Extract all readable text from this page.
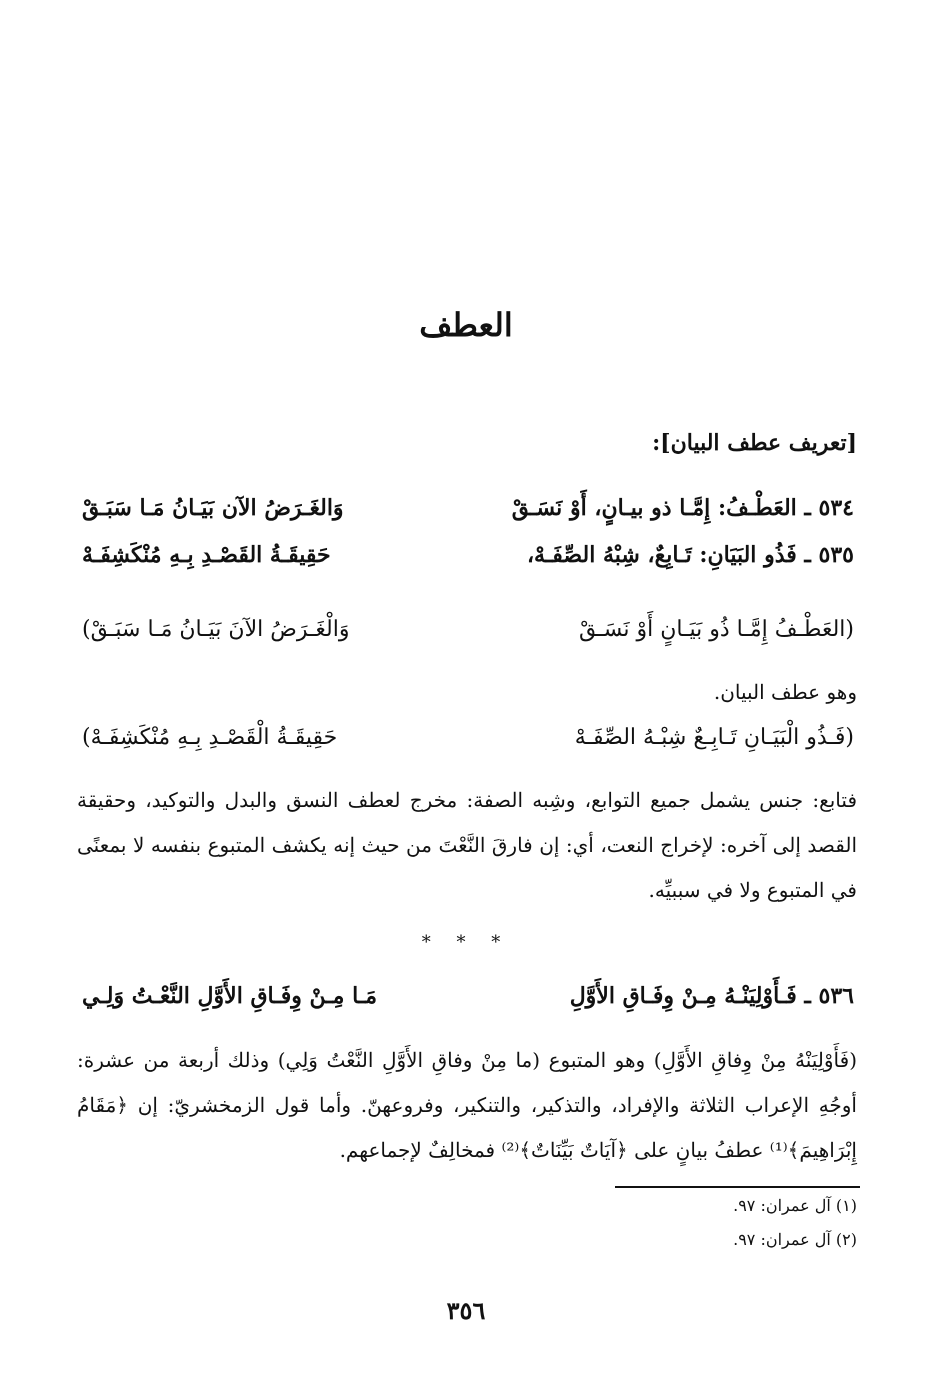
العطف
[تعريف عطف البيان]:
٥٣٤ ـ العَطْـفُ: إِمَّـا ذو بيـانٍ، أَوْ نَسَـقْ
وَالغَـرَضُ الآن بَيَـانُ مَـا سَبَـقْ
٥٣٥ ـ فَذُو البَيَانِ: تَـابِعٌ، شِبْهُ الصِّفَـهْ،
حَقِيقَـةُ القَصْـدِ بِـهِ مُنْكَشِفَـهْ
(العَطْـفُ إِمَّـا ذُو بَيَـانٍ أَوْ نَسَـقْ
وَالْغَـرَضُ الآنَ بَيَـانُ مَـا سَبَـقْ)
وهو عطف البيان.
(فَـذُو الْبَيَـانِ تَـابِـعٌ شِبْـهُ الصِّفَـهْ
حَقِيقَـةُ الْقَصْـدِ بِـهِ مُنْكَشِفَـهْ)
فتابع: جنس يشمل جميع التوابع، وشِبه الصفة: مخرج لعطف النسق والبدل والتوكيد، وحقيقة القصد إلى آخره: لإخراج النعت، أي: إن فارقَ النَّعْتَ من حيث إنه يكشف المتبوع بنفسه لا بمعنًى في المتبوع ولا في سببيِّه.
* * *
٥٣٦ ـ فَـأَوْلِيَنْـهُ مِـنْ وِفَـاقِ الأَوَّلِ
مَـا مِـنْ وِفَـاقِ الأَوَّلِ النَّعْـتُ وَلِـي
(فَأَوْلِيَنْهُ مِنْ وِفاقِ الأَوَّلِ) وهو المتبوع (ما مِنْ وفاقِ الأَوَّلِ النَّعْتُ وَلِي) وذلك أربعة من عشرة: أوجُهِ الإعراب الثلاثة والإفراد، والتذكير، والتنكير، وفروعهنّ. وأما قول الزمخشريّ: إن ﴿مَقَامُ إِبْرَاهِيمَ﴾⁽¹⁾ عطفُ بيانٍ على ﴿آيَاتٌ بَيِّنَاتٌ﴾⁽²⁾ فمخالِفٌ لإجماعهم.
(١) آل عمران: ٩٧.
(٢) آل عمران: ٩٧.
٣٥٦
